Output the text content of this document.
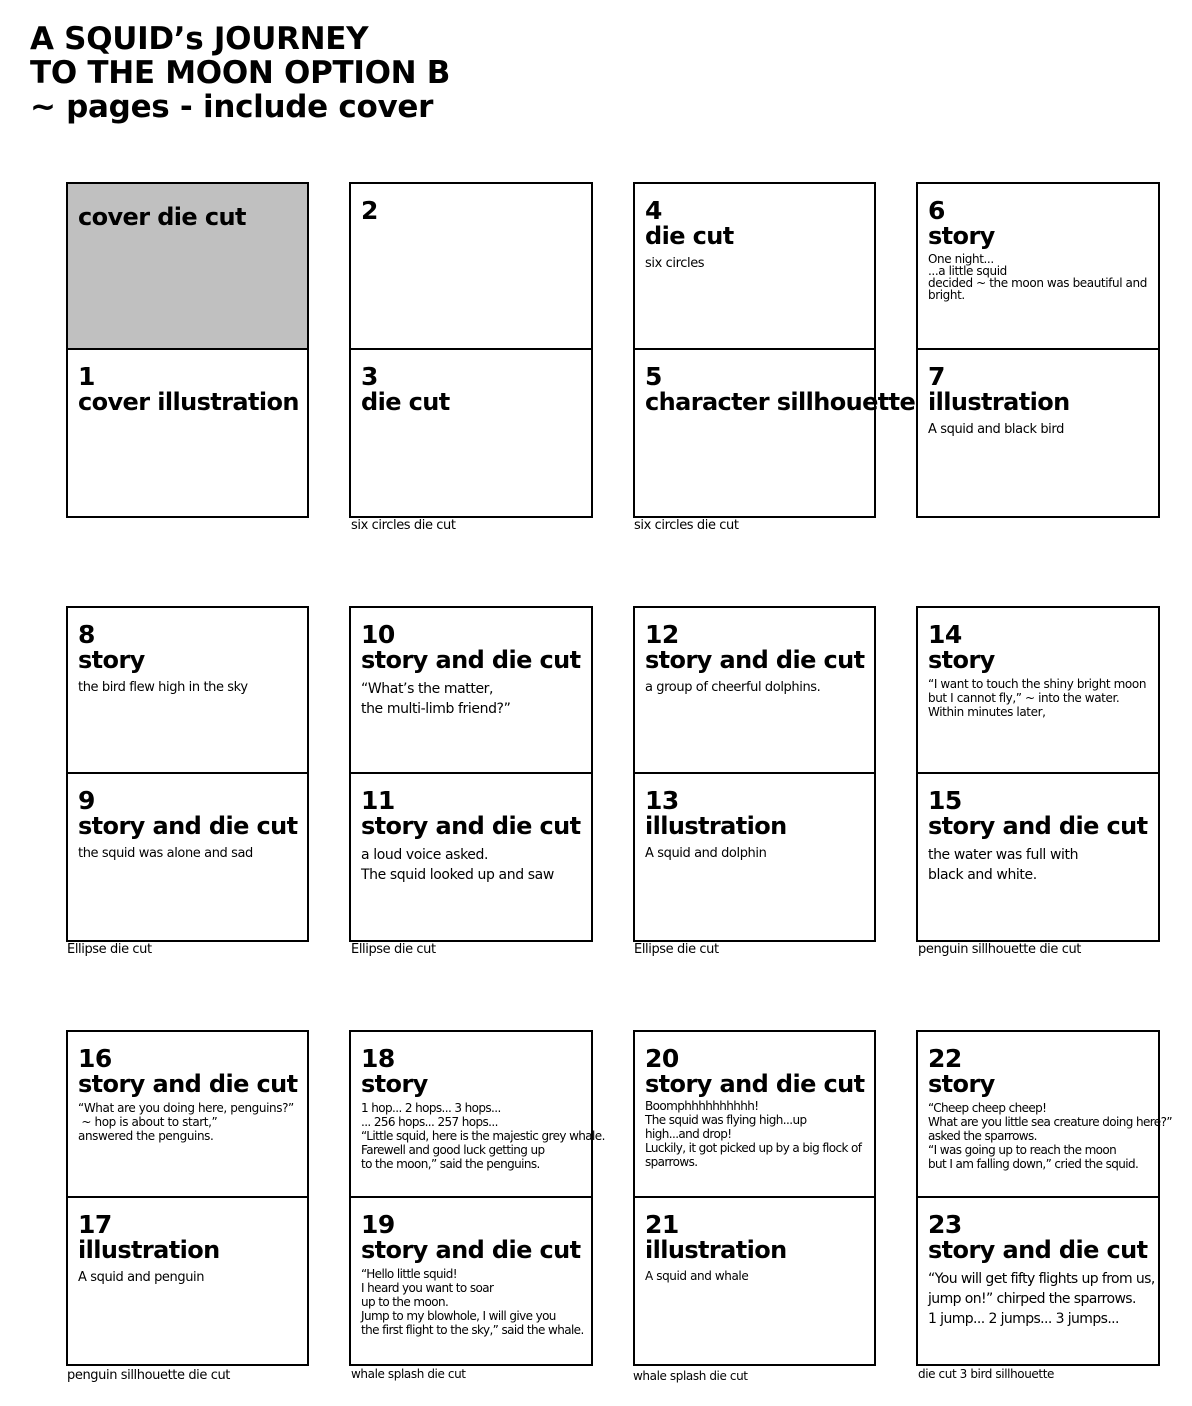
A SQUID’s JOURNEY
TO THE MOON OPTION B
~ pages - include cover
cover die cut
1
cover illustration
2
3
die cut
six circles die cut
4
die cut
six circles
5
character sillhouette
six circles die cut
6
story
One night...
...a little squid
decided ~ the moon was beautiful and
bright.
7
illustration
A squid and black bird
8
story
the bird flew high in the sky
9
story and die cut
the squid was alone and sad
Ellipse die cut
10
story and die cut
“What’s the matter,
the multi-limb friend?”
11
story and die cut
a loud voice asked.
The squid looked up and saw
Ellipse die cut
12
story and die cut
a group of cheerful dolphins.
13
illustration
A squid and dolphin
Ellipse die cut
14
story
“I want to touch the shiny bright moon
but I cannot fly,” ~ into the water.
Within minutes later,
15
story and die cut
the water was full with
black and white.
penguin sillhouette die cut
16
story and die cut
“What are you doing here, penguins?”
~ hop is about to start,”
answered the penguins.
17
illustration
A squid and penguin
penguin sillhouette die cut
18
story
1 hop... 2 hops... 3 hops...
... 256 hops... 257 hops...
“Little squid, here is the majestic grey whale.
Farewell and good luck getting up
to the moon,” said the penguins.
19
story and die cut
“Hello little squid!
I heard you want to soar
up to the moon.
Jump to my blowhole, I will give you
the first flight to the sky,” said the whale.
whale splash die cut
20
story and die cut
Boomphhhhhhhhhh!
The squid was flying high...up
high...and drop!
Luckily, it got picked up by a big flock of
sparrows.
21
illustration
A squid and whale
whale splash die cut
22
story
“Cheep cheep cheep!
What are you little sea creature doing here?”
asked the sparrows.
“I was going up to reach the moon
but I am falling down,” cried the squid.
23
story and die cut
“You will get fifty flights up from us,
jump on!” chirped the sparrows.
1 jump... 2 jumps... 3 jumps...
die cut 3 bird sillhouette
